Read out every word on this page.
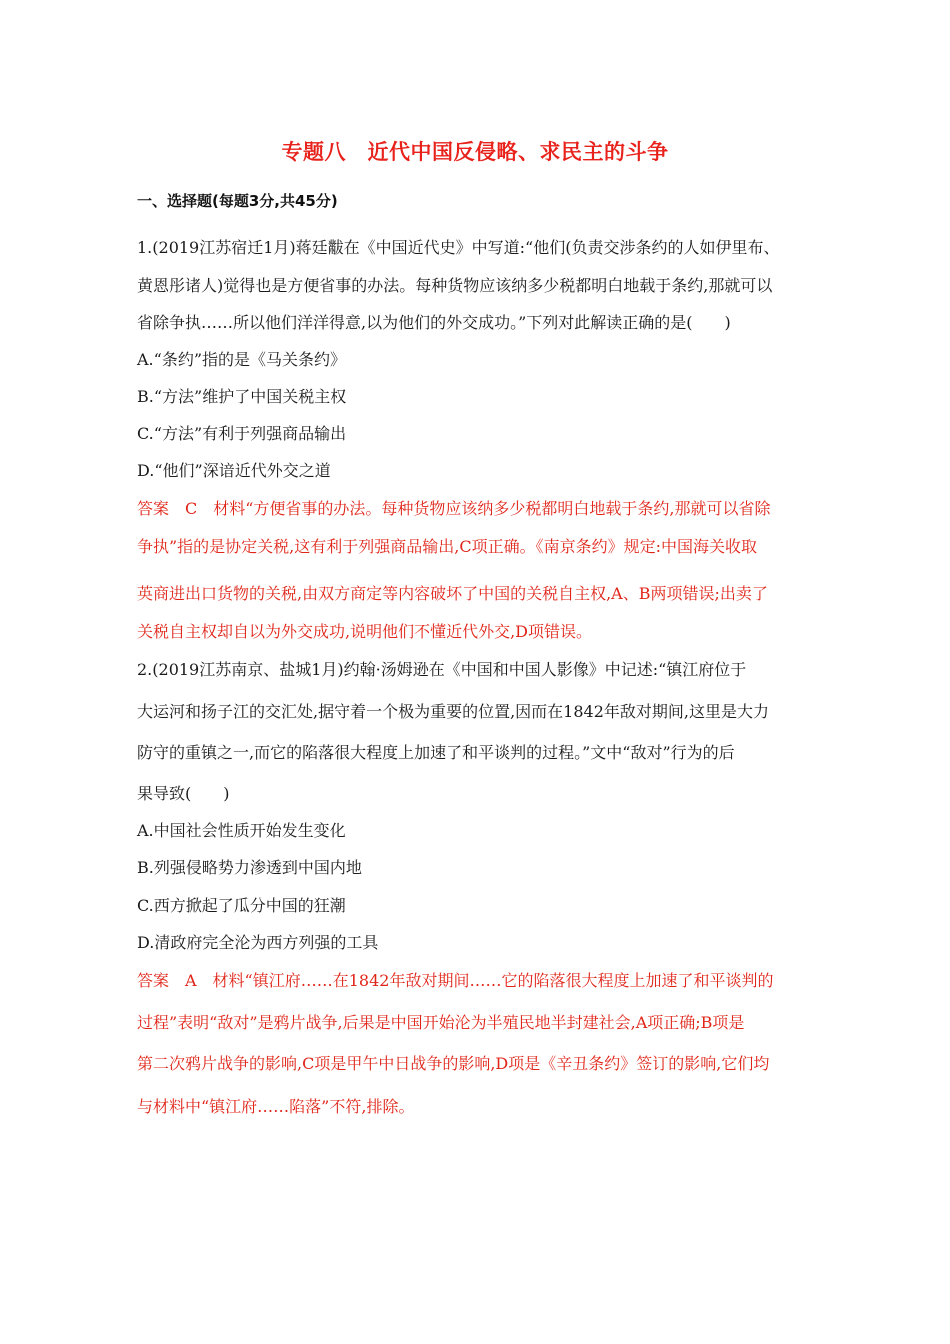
专题八　近代中国反侵略、求民主的斗争
一、选择题(每题3分,共45分)
1.(2019江苏宿迁1月)蒋廷黻在《中国近代史》中写道:“他们(负责交涉条约的人如伊里布、
黄恩彤诸人)觉得也是方便省事的办法。每种货物应该纳多少税都明白地载于条约,那就可以
省除争执……所以他们洋洋得意,以为他们的外交成功。”下列对此解读正确的是(　　)
A.“条约”指的是《马关条约》
B.“方法”维护了中国关税主权
C.“方法”有利于列强商品输出
D.“他们”深谙近代外交之道
答案　C　材料“方便省事的办法。每种货物应该纳多少税都明白地载于条约,那就可以省除
争执”指的是协定关税,这有利于列强商品输出,C项正确。《南京条约》规定:中国海关收取
英商进出口货物的关税,由双方商定等内容破坏了中国的关税自主权,A、B两项错误;出卖了
关税自主权却自以为外交成功,说明他们不懂近代外交,D项错误。
2.(2019江苏南京、盐城1月)约翰·汤姆逊在《中国和中国人影像》中记述:“镇江府位于
大运河和扬子江的交汇处,据守着一个极为重要的位置,因而在1842年敌对期间,这里是大力
防守的重镇之一,而它的陷落很大程度上加速了和平谈判的过程。”文中“敌对”行为的后
果导致(　　)
A.中国社会性质开始发生变化
B.列强侵略势力渗透到中国内地
C.西方掀起了瓜分中国的狂潮
D.清政府完全沦为西方列强的工具
答案　A　材料“镇江府……在1842年敌对期间……它的陷落很大程度上加速了和平谈判的
过程”表明“敌对”是鸦片战争,后果是中国开始沦为半殖民地半封建社会,A项正确;B项是
第二次鸦片战争的影响,C项是甲午中日战争的影响,D项是《辛丑条约》签订的影响,它们均
与材料中“镇江府……陷落”不符,排除。
